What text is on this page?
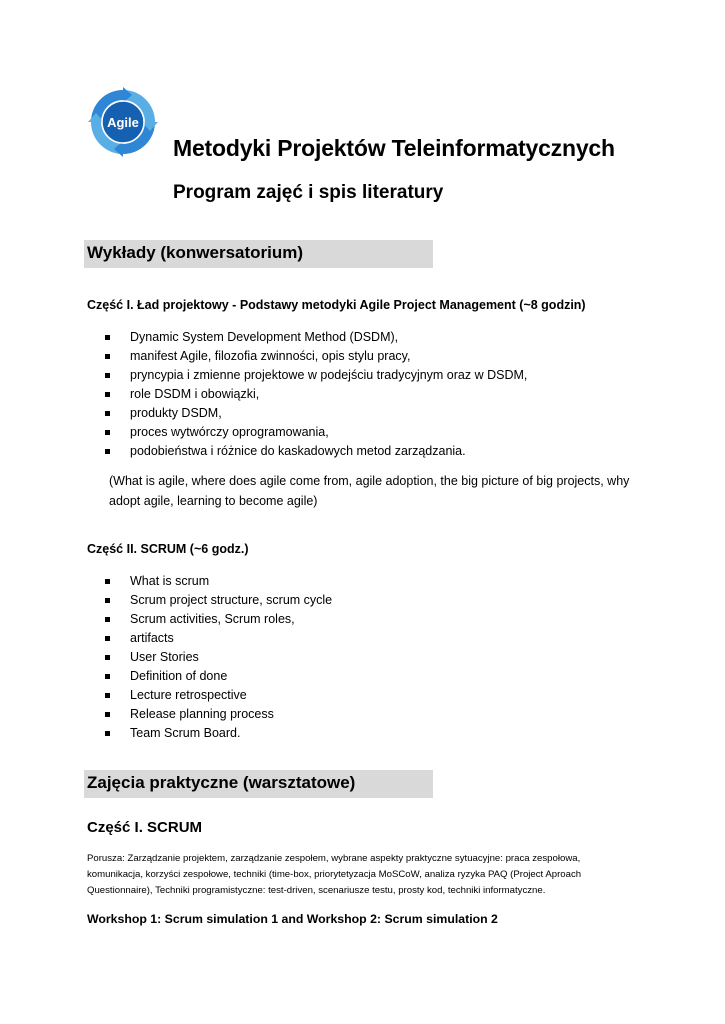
Agile
Metodyki Projektów Teleinformatycznych
Program zajęć i spis literatury
Wykłady (konwersatorium)
Część I. Ład projektowy - Podstawy metodyki Agile Project Management (~8 godzin)
Dynamic System Development Method (DSDM),
manifest Agile, filozofia zwinności, opis stylu pracy,
pryncypia i zmienne projektowe w podejściu tradycyjnym oraz w DSDM,
role DSDM i obowiązki,
produkty DSDM,
proces wytwórczy oprogramowania,
podobieństwa i różnice do kaskadowych metod zarządzania.
(What is agile, where does agile come from, agile adoption, the big picture of big projects, why adopt agile, learning to become agile)
Część II. SCRUM (~6 godz.)
What is scrum
Scrum project structure, scrum cycle
Scrum activities, Scrum roles,
artifacts
User Stories
Definition of done
Lecture retrospective
Release planning process
Team Scrum Board.
Zajęcia praktyczne (warsztatowe)
Część I. SCRUM
Porusza: Zarządzanie projektem, zarządzanie zespołem, wybrane aspekty praktyczne sytuacyjne: praca zespołowa, komunikacja, korzyści zespołowe, techniki (time-box, priorytetyzacja MoSCoW, analiza ryzyka PAQ (Project Aproach Questionnaire), Techniki programistyczne: test-driven, scenariusze testu, prosty kod, techniki informatyczne.
Workshop 1: Scrum simulation 1 and Workshop 2: Scrum simulation 2
